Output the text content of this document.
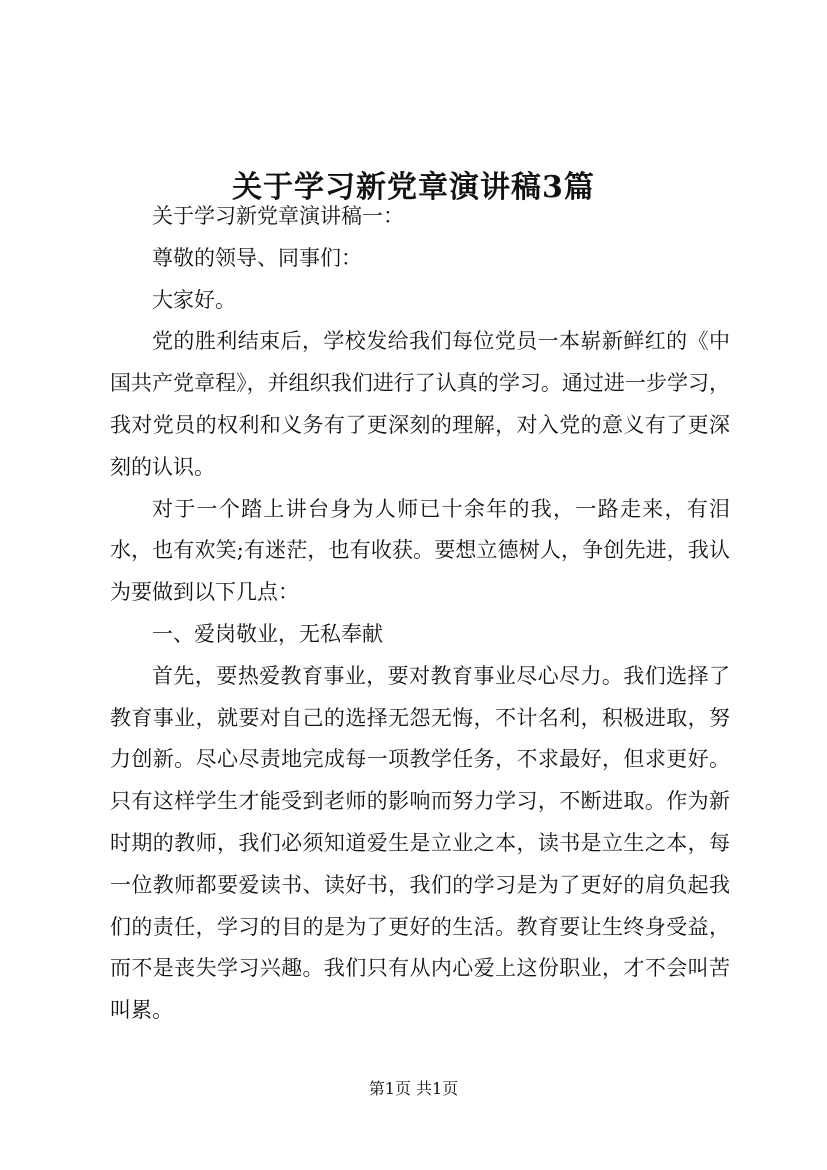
关于学习新党章演讲稿3篇

关于学习新党章演讲稿一：

尊敬的领导、同事们：

大家好。

党的胜利结束后，学校发给我们每位党员一本崭新鲜红的《中国共产党章程》，并组织我们进行了认真的学习。通过进一步学习，我对党员的权利和义务有了更深刻的理解，对入党的意义有了更深刻的认识。

对于一个踏上讲台身为人师已十余年的我，一路走来，有泪水，也有欢笑;有迷茫，也有收获。要想立德树人，争创先进，我认为要做到以下几点：

一、爱岗敬业，无私奉献

首先，要热爱教育事业，要对教育事业尽心尽力。我们选择了教育事业，就要对自己的选择无怨无悔，不计名利，积极进取，努力创新。尽心尽责地完成每一项教学任务，不求最好，但求更好。只有这样学生才能受到老师的影响而努力学习，不断进取。作为新时期的教师，我们必须知道爱生是立业之本，读书是立生之本，每一位教师都要爱读书、读好书，我们的学习是为了更好的肩负起我们的责任，学习的目的是为了更好的生活。教育要让生终身受益，而不是丧失学习兴趣。我们只有从内心爱上这份职业，才不会叫苦叫累。

第1页 共1页
